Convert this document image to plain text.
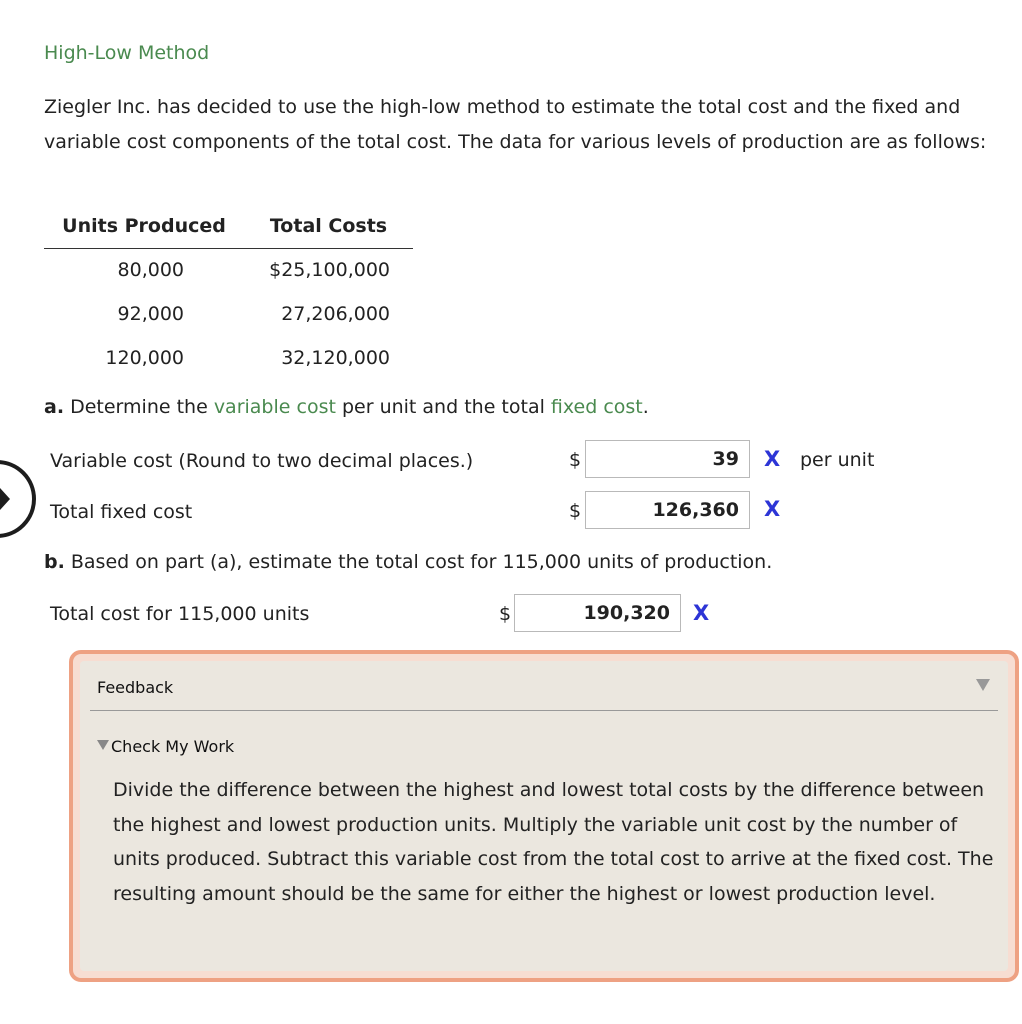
High-Low Method
Ziegler Inc. has decided to use the high-low method to estimate the total cost and the fixed and variable cost components of the total cost. The data for various levels of production are as follows:
Units Produced	Total Costs
80,000	$25,100,000
92,000	27,206,000
120,000	32,120,000
a. Determine the variable cost per unit and the total fixed cost.
Variable cost (Round to two decimal places.)	$	39	X per unit
Total fixed cost	$	126,360	X
b. Based on part (a), estimate the total cost for 115,000 units of production.
Total cost for 115,000 units	$	190,320	X
Feedback
Check My Work
Divide the difference between the highest and lowest total costs by the difference between the highest and lowest production units. Multiply the variable unit cost by the number of units produced. Subtract this variable cost from the total cost to arrive at the fixed cost. The resulting amount should be the same for either the highest or lowest production level.
